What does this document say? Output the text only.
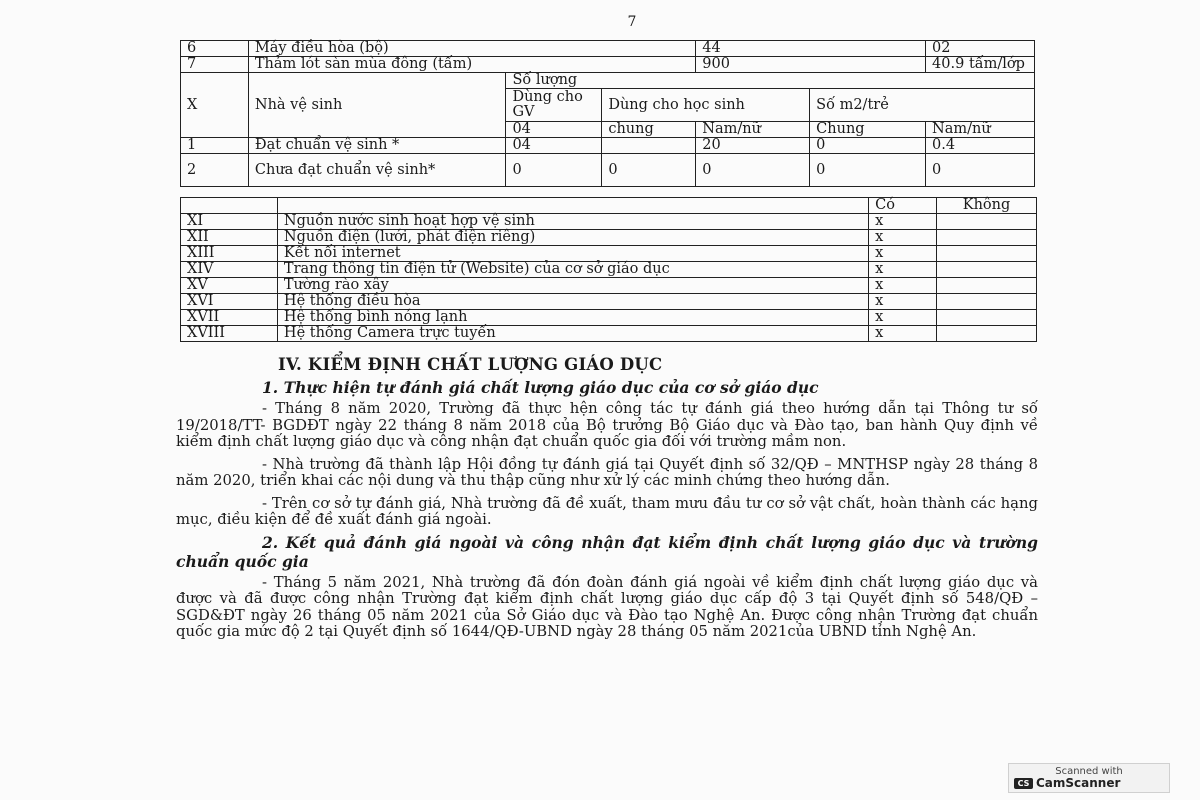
7
6	Máy điều hòa (bộ)			44		02
7	Thảm lót sàn mùa đông (tấm)			900		40.9 tấm/lớp
X	Nhà vệ sinh	Số lượng				
		Dùng cho GV	Dùng cho học sinh		Số m2/trẻ	
		04	chung	Nam/nữ	Chung	Nam/nữ
1	Đạt chuẩn vệ sinh *	04		20	0	0.4
2	Chưa đạt chuẩn vệ sinh*	0	0	0	0	0
		Có	Không
XI	Nguồn nước sinh hoạt hợp vệ sinh	x	
XII	Nguồn điện (lưới, phát điện riêng)	x	
XIII	Kết nối internet	x	
XIV	Trang thông tin điện tử (Website) của cơ sở giáo dục	x	
XV	Tường rào xây	x	
XVI	Hệ thống điều hòa	x	
XVII	Hệ thống bình nóng lạnh	x	
XVIII	Hệ thống Camera trực tuyến	x	
IV. KIỂM ĐỊNH CHẤT LƯỢNG GIÁO DỤC
1. Thực hiện tự đánh giá chất lượng giáo dục của cơ sở giáo dục
- Tháng 8 năm 2020, Trường đã thực hện công tác tự đánh giá theo hướng dẫn tại Thông tư số 19/2018/TT- BGDĐT ngày 22 tháng 8 năm 2018 của Bộ trưởng Bộ Giáo dục và Đào tạo, ban hành Quy định về kiểm định chất lượng giáo dục và công nhận đạt chuẩn quốc gia đối với trường mầm non.
- Nhà trường đã thành lập Hội đồng tự đánh giá tại Quyết định số 32/QĐ – MNTHSP ngày 28 tháng 8 năm 2020, triển khai các nội dung và thu thập cũng như xử lý các minh chứng theo hướng dẫn.
- Trên cơ sở tự đánh giá, Nhà trường đã đề xuất, tham mưu đầu tư cơ sở vật chất, hoàn thành các hạng mục, điều kiện để đề xuất đánh giá ngoài.
2. Kết quả đánh giá ngoài và công nhận đạt kiểm định chất lượng giáo dục và trường chuẩn quốc gia
- Tháng 5 năm 2021, Nhà trường đã đón đoàn đánh giá ngoài về kiểm định chất lượng giáo dục và được và đã được công nhận Trường đạt kiểm định chất lượng giáo dục cấp độ 3 tại Quyết định số 548/QĐ – SGD&ĐT ngày 26 tháng 05 năm 2021 của Sở Giáo dục và Đào tạo Nghệ An. Được công nhận Trường đạt chuẩn quốc gia mức độ 2 tại Quyết định số 1644/QĐ-UBND ngày 28 tháng 05 năm 2021của UBND tỉnh Nghệ An.
Scanned with
CS CamScanner
